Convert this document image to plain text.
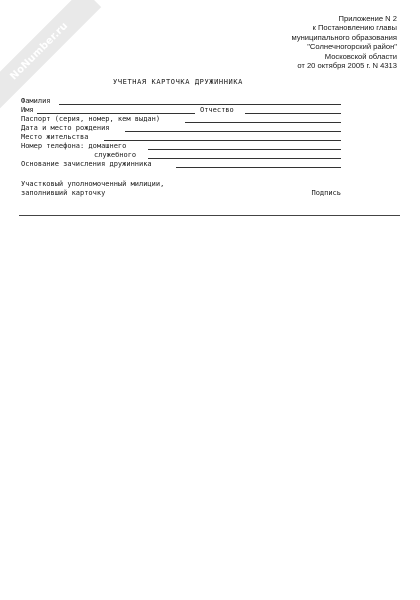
NoNumber.ru
Приложение N 2
к Постановлению главы
муниципального образования
"Солнечногорский район"
Московской области
от 20 октября 2005 г. N 4313
УЧЕТНАЯ КАРТОЧКА ДРУЖИННИКА
Фамилия
Имя	Отчество
Паспорт (серия, номер, кем выдан)
Дата и место рождения
Место жительства
Номер телефона: домашнего
служебного
Основание зачисления дружинника
Участковый уполномоченный милиции,
заполнивший карточку	Подпись
